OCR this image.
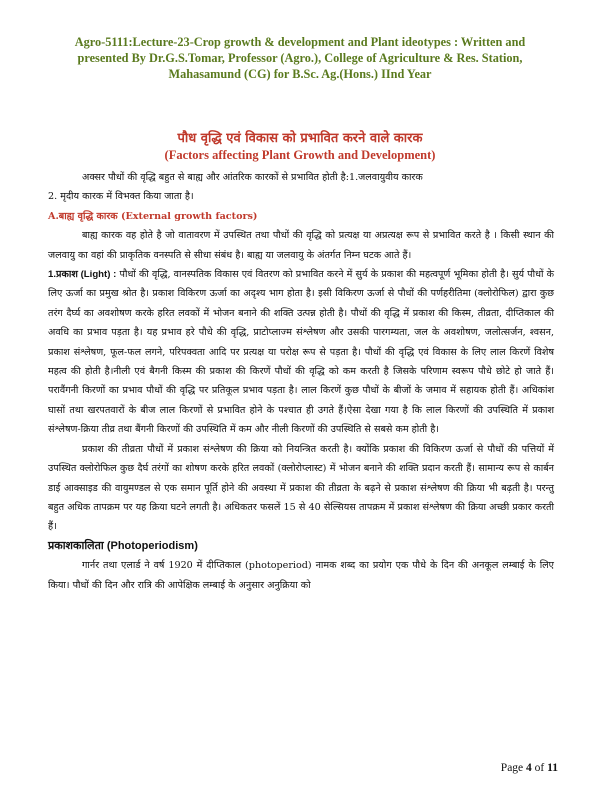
Agro-5111:Lecture-23-Crop growth & development and Plant ideotypes : Written and
presented By Dr.G.S.Tomar, Professor (Agro.), College of Agriculture & Res. Station,
Mahasamund (CG) for B.Sc. Ag.(Hons.) IInd Year
पौध वृद्धि एवं विकास को प्रभावित करने वाले कारक
(Factors affecting Plant Growth and Development)

अक्सर पौधों की वृद्धि बहुत से बाह्य और आंतरिक कारकों से प्रभावित होती है:1.जलवायुवीय कारक

2. मृदीय कारक में विभक्त किया जाता है।

A.बाह्य वृद्धि कारक (External growth factors)

बाह्य कारक वह होते है जो वातावरण में उपस्थित तथा पौधों की वृद्धि को प्रत्यक्ष या अप्रत्यक्ष रूप से प्रभावित करते है । किसी स्थान की जलवायु का वहां की प्राकृतिक वनस्पति से सीधा संबंध है। बाह्य या जलवायु के अंतर्गत निम्न घटक आते हैं।

1.प्रकाश (Light) : पौधों की वृद्धि, वानस्पतिक विकास एवं वितरण को प्रभावित करने में सुर्य के प्रकाश की महत्वपूर्ण भूमिका होती है। सुर्य पौधों के लिए ऊर्जा का प्रमुख श्रोत है। प्रकाश विकिरण ऊर्जा का अदृश्य भाग होता है। इसी विकिरण ऊर्जा से पौधों की पर्णहरीतिमा (क्लोरोफिल) द्वारा कुछ तरंग दैर्घ्य का अवशोषण करके हरित लवकों में भोजन बनाने की शक्ति उत्पन्न होती है। पौधों की वृद्धि में प्रकाश की किस्म, तीव्रता, दीप्तिकाल की अवधि का प्रभाव पड़ता है। यह प्रभाव हरे पौधे की वृद्धि, प्राटोप्लाज्म संश्लेषण और उसकी पारगम्यता, जल के अवशोषण, जलोत्सर्जन, श्वसन, प्रकाश संश्लेषण, फूल-फल लगने, परिपक्वता आदि पर प्रत्यक्ष या परोक्ष रूप से पड़ता है। पौधों की वृद्धि एवं विकास के लिए लाल किरणें विशेष महत्व की होती है।नीली एवं बैगनी किस्म की प्रकाश की किरणें पौधों की वृद्धि को कम करती है जिसके परिणाम स्वरूप पौधे छोटे हो जाते हैं। परावैंगनी किरणों का प्रभाव पौधों की वृद्धि पर प्रतिकूल प्रभाव पड़ता है। लाल किरणें कुछ पौधों के बीजों के जमाव में सहायक होती हैं। अधिकांश घासों तथा खरपतवारों के बीज लाल किरणों से प्रभावित होने के पश्चात ही उगते हैं।ऐसा देखा गया है कि लाल किरणों की उपस्थिति में प्रकाश संश्लेषण-क्रिया तीव्र तथा बैंगनी किरणों की उपस्थिति में कम और नीली किरणों की उपस्थिति से सबसे कम होती है।

प्रकाश की तीव्रता पौधों में प्रकाश संश्लेषण की क्रिया को नियन्त्रित करती है। क्योंकि प्रकाश की विकिरण ऊर्जा से पौधों की पत्तियों में उपस्थित क्लोरोफिल कुछ दैर्घ तरंगों का शोषण करके हरित लवकों (क्लोरोप्लास्ट) में भोजन बनाने की शक्ति प्रदान करती हैं। सामान्य रूप से कार्बन डाई आक्साइड की वायुमण्डल से एक समान पूर्ति होने की अवस्था में प्रकाश की तीव्रता के बढ़ने से प्रकाश संश्लेषण की क्रिया भी बढ़ती है। परन्तु बहुत अधिक तापक्रम पर यह क्रिया घटने लगती है। अधिकतर फसलें 15 से 40 सेल्सियस तापक्रम में प्रकाश संश्लेषण की क्रिया अच्छी प्रकार करती हैं।

प्रकाशकालिता (Photoperiodism)

गार्नर तथा एलार्ड ने वर्ष 1920 में दीप्तिकाल (photoperiod) नामक शब्द का प्रयोग एक पौधे के दिन की अनकूल लम्बाई के लिए किया। पौधों की दिन और रात्रि की आपेक्षिक लम्बाई के अनुसार अनुक्रिया को

Page 4 of 11
